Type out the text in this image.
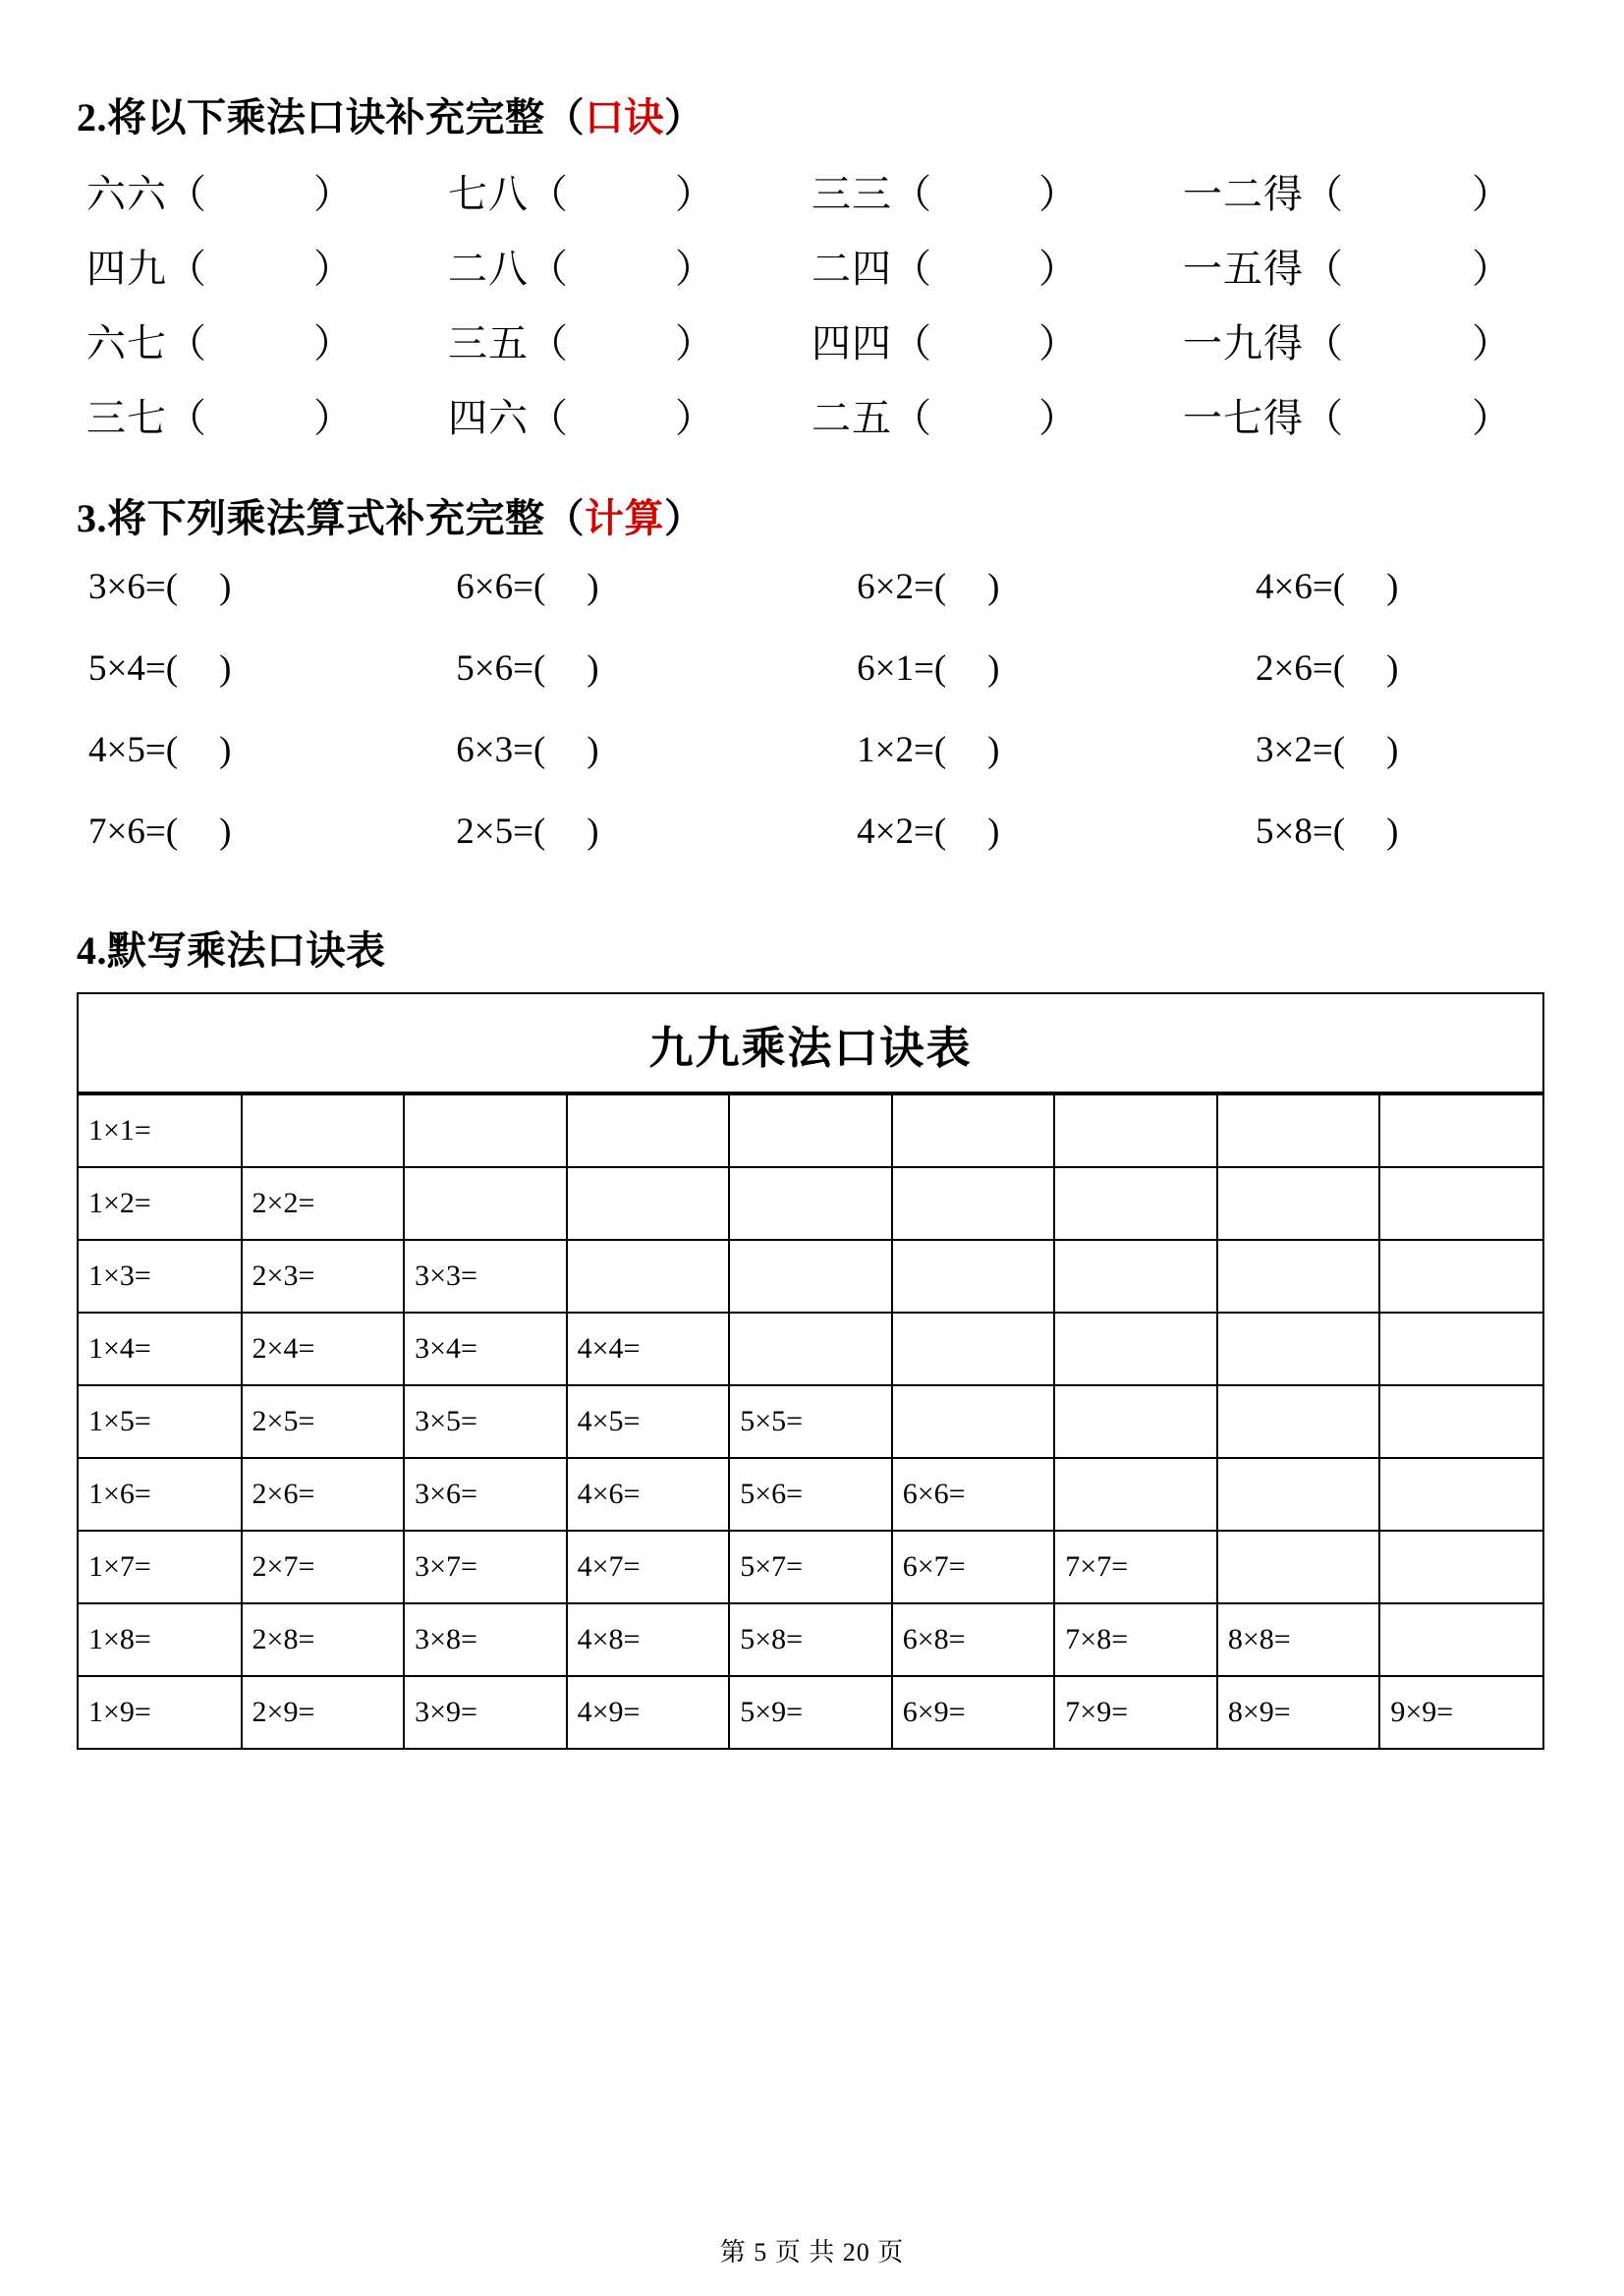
2.将以下乘法口诀补充完整（口诀）

六六（	）	七八（	）	三三（	）	一二得（	）
四九（	）	二八（	）	二四（	）	一五得（	）
六七（	）	三五（	）	四四（	）	一九得（	）
三七（	）	四六（	）	二五（	）	一七得（	）

3.将下列乘法算式补充完整（计算）

3×6=( )	6×6=( )	6×2=( )	4×6=( )
5×4=( )	5×6=( )	6×1=( )	2×6=( )
4×5=( )	6×3=( )	1×2=( )	3×2=( )
7×6=( )	2×5=( )	4×2=( )	5×8=( )

4.默写乘法口诀表

九九乘法口诀表
1×1=								
1×2=	2×2=							
1×3=	2×3=	3×3=						
1×4=	2×4=	3×4=	4×4=					
1×5=	2×5=	3×5=	4×5=	5×5=				
1×6=	2×6=	3×6=	4×6=	5×6=	6×6=			
1×7=	2×7=	3×7=	4×7=	5×7=	6×7=	7×7=		
1×8=	2×8=	3×8=	4×8=	5×8=	6×8=	7×8=	8×8=	
1×9=	2×9=	3×9=	4×9=	5×9=	6×9=	7×9=	8×9=	9×9=
第 5 页 共 20 页
